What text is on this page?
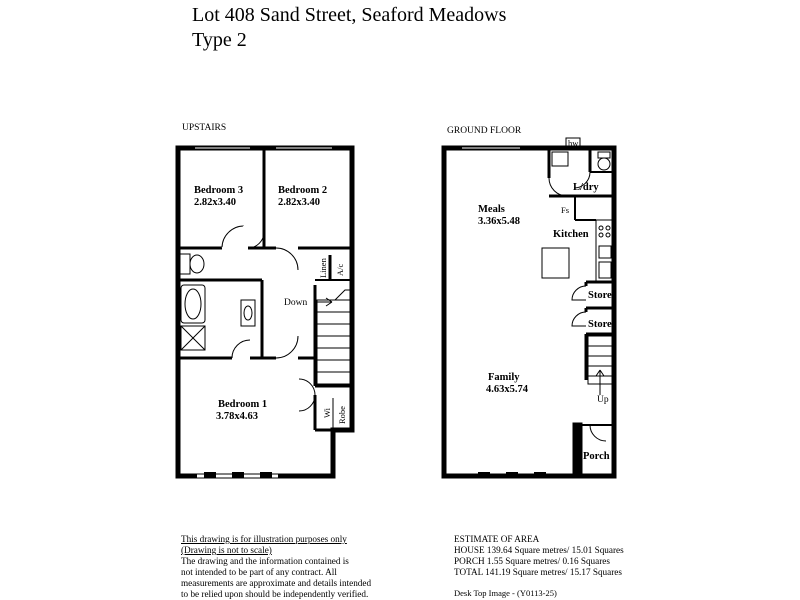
Lot 408 Sand Street, Seaford Meadows
Type 2
UPSTAIRS
Bedroom 3
2.82x3.40
Bedroom 2
2.82x3.40
Bedroom 1
3.78x4.63
Linen A/c
Down
Wi Robe
GROUND FLOOR
hw
L/dry
Fs
Meals
3.36x5.48
Kitchen
Store
Store
Family
4.63x5.74
Up
Porch
This drawing is for illustration purposes only
(Drawing is not to scale)
The drawing and the information contained is
not intended to be part of any contract. All
measurements are approximate and details intended
to be relied upon should be independently verified.
ESTIMATE OF AREA
HOUSE 139.64 Square metres/ 15.01 Squares
PORCH 1.55 Square metres/ 0.16 Squares
TOTAL 141.19 Square metres/ 15.17 Squares
Desk Top Image - (Y0113-25)
